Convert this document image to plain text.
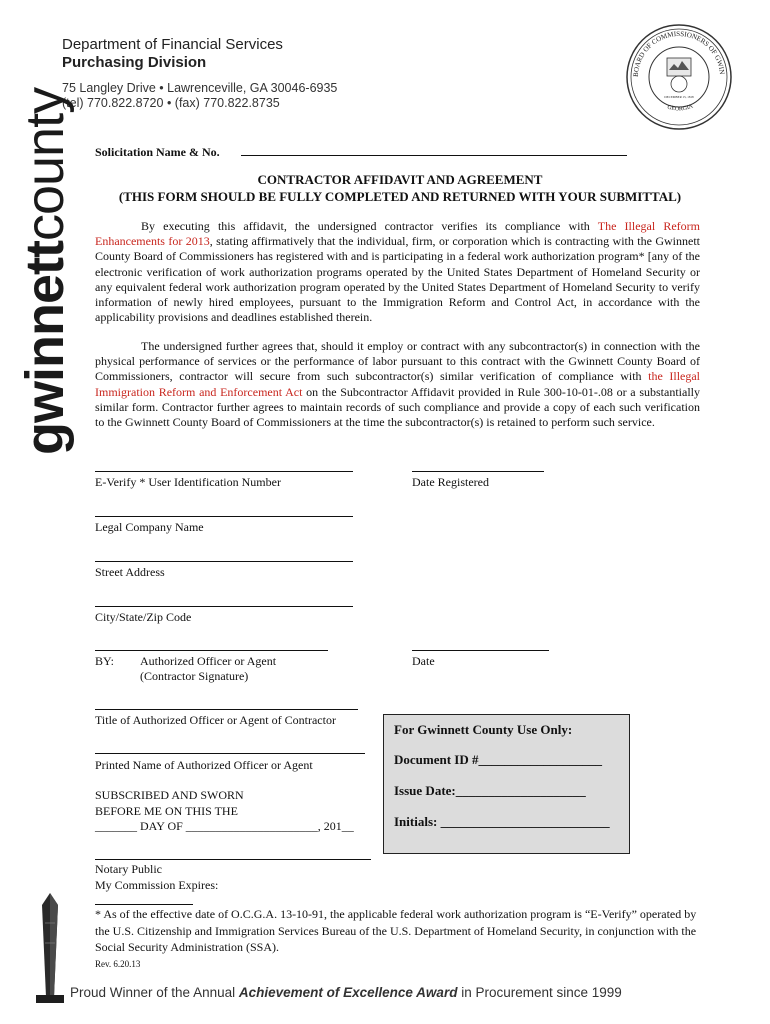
Department of Financial Services
Purchasing Division
75 Langley Drive • Lawrenceville, GA 30046-6935
(tel) 770.822.8720 • (fax) 770.822.8735
gwinnettcounty
BOARD OF COMMISSIONERS OF GWIN
DECEMBER 15, 1818
GEORGIA
Solicitation Name & No.
CONTRACTOR AFFIDAVIT AND AGREEMENT
(THIS FORM SHOULD BE FULLY COMPLETED AND RETURNED WITH YOUR SUBMITTAL)
By executing this affidavit, the undersigned contractor verifies its compliance with The Illegal Reform Enhancements for 2013, stating affirmatively that the individual, firm, or corporation which is contracting with the Gwinnett County Board of Commissioners has registered with and is participating in a federal work authorization program* [any of the electronic verification of work authorization programs operated by the United States Department of Homeland Security or any equivalent federal work authorization program operated by the United States Department of Homeland Security to verify information of newly hired employees, pursuant to the Immigration Reform and Control Act, in accordance with the applicability provisions and deadlines established therein.
The undersigned further agrees that, should it employ or contract with any subcontractor(s) in connection with the physical performance of services or the performance of labor pursuant to this contract with the Gwinnett County Board of Commissioners, contractor will secure from such subcontractor(s) similar verification of compliance with the Illegal Immigration Reform and Enforcement Act on the Subcontractor Affidavit provided in Rule 300-10-01-.08 or a substantially similar form. Contractor further agrees to maintain records of such compliance and provide a copy of each such verification to the Gwinnett County Board of Commissioners at the time the subcontractor(s) is retained to perform such service.
E-Verify * User Identification Number	Date Registered
Legal Company Name
Street Address
City/State/Zip Code
BY: Authorized Officer or Agent
(Contractor Signature)
Date
Title of Authorized Officer or Agent of Contractor
Printed Name of Authorized Officer or Agent
SUBSCRIBED AND SWORN
BEFORE ME ON THIS THE
_______ DAY OF ______________________, 201__
Notary Public
My Commission Expires:
For Gwinnett County Use Only:
Document ID #___________________
Issue Date:____________________
Initials: __________________________
* As of the effective date of O.C.G.A. 13-10-91, the applicable federal work authorization program is “E-Verify” operated by the U.S. Citizenship and Immigration Services Bureau of the U.S. Department of Homeland Security, in conjunction with the Social Security Administration (SSA).
Rev. 6.20.13
Proud Winner of the Annual Achievement of Excellence Award in Procurement since 1999
